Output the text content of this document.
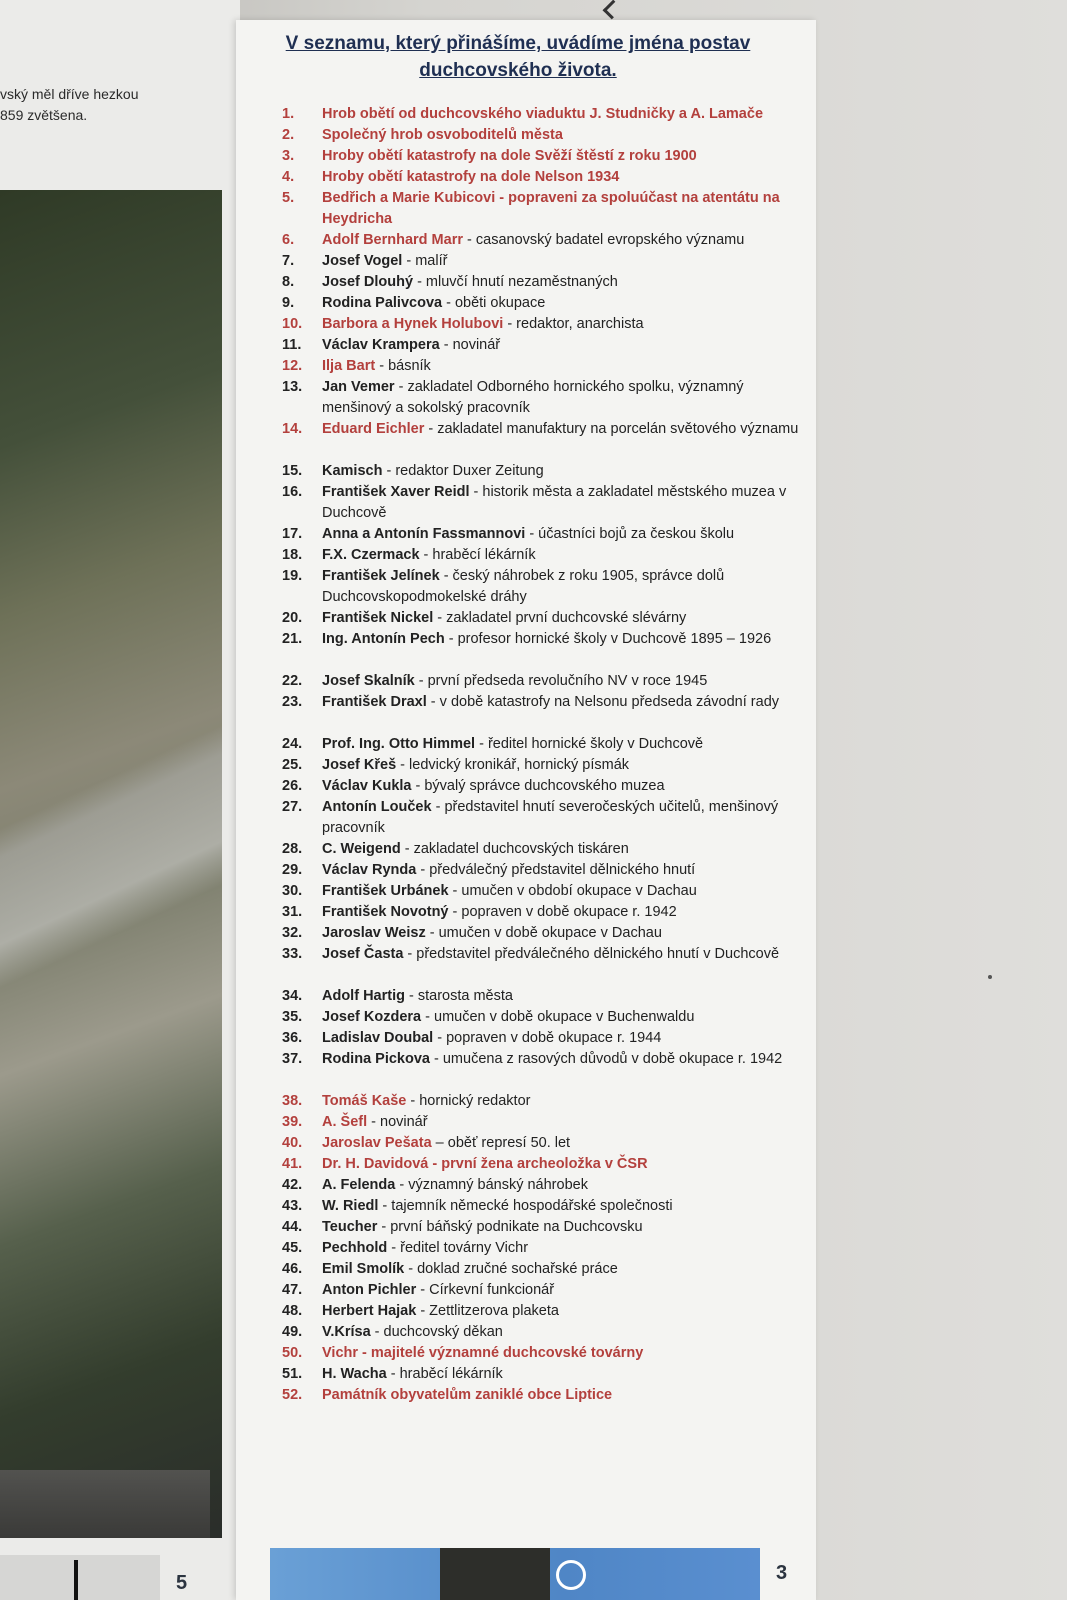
vský měl dříve hezkou
859 zvětšena.
5
V seznamu, který přinášíme, uvádíme jména postav
duchcovského života.
1. Hrob obětí od duchcovského viaduktu J. Studničky a A. Lamače
2. Společný hrob osvoboditelů města
3. Hroby obětí katastrofy na dole Svěží štěstí z roku 1900
4. Hroby obětí katastrofy na dole Nelson 1934
5. Bedřich a Marie Kubicovi - popraveni za spoluúčast na atentátu na Heydricha
6. Adolf Bernhard Marr - casanovský badatel evropského významu
7. Josef Vogel - malíř
8. Josef Dlouhý - mluvčí hnutí nezaměstnaných
9. Rodina Palivcova - oběti okupace
10. Barbora a Hynek Holubovi - redaktor, anarchista
11. Václav Krampera - novinář
12. Ilja Bart - básník
13. Jan Vemer - zakladatel Odborného hornického spolku, významný menšinový a sokolský pracovník
14. Eduard Eichler - zakladatel manufaktury na porcelán světového významu
15. Kamisch - redaktor Duxer Zeitung
16. František Xaver Reidl - historik města a zakladatel městského muzea v Duchcově
17. Anna a Antonín Fassmannovi - účastníci bojů za českou školu
18. F.X. Czermack - hraběcí lékárník
19. František Jelínek - český náhrobek z roku 1905, správce dolů Duchcovskopodmokelské dráhy
20. František Nickel - zakladatel první duchcovské slévárny
21. Ing. Antonín Pech - profesor hornické školy v Duchcově 1895 – 1926
22. Josef Skalník - první předseda revolučního NV v roce 1945
23. František Draxl - v době katastrofy na Nelsonu předseda závodní rady
24. Prof. Ing. Otto Himmel - ředitel hornické školy v Duchcově
25. Josef Křeš - ledvický kronikář, hornický písmák
26. Václav Kukla - bývalý správce duchcovského muzea
27. Antonín Louček - představitel hnutí severočeských učitelů, menšinový pracovník
28. C. Weigend - zakladatel duchcovských tiskáren
29. Václav Rynda - předválečný představitel dělnického hnutí
30. František Urbánek - umučen v období okupace v Dachau
31. František Novotný - popraven v době okupace r. 1942
32. Jaroslav Weisz - umučen v době okupace v Dachau
33. Josef Časta - představitel předválečného dělnického hnutí v Duchcově
34. Adolf Hartig - starosta města
35. Josef Kozdera - umučen v době okupace v Buchenwaldu
36. Ladislav Doubal - popraven v době okupace r. 1944
37. Rodina Pickova - umučena z rasových důvodů v době okupace r. 1942
38. Tomáš Kaše - hornický redaktor
39. A. Šefl - novinář
40. Jaroslav Pešata – oběť represí 50. let
41. Dr. H. Davidová - první žena archeoložka v ČSR
42. A. Felenda - významný bánský náhrobek
43. W. Riedl - tajemník německé hospodářské společnosti
44. Teucher - první báňský podnikate na Duchcovsku
45. Pechhold - ředitel továrny Vichr
46. Emil Smolík - doklad zručné sochařské práce
47. Anton Pichler - Církevní funkcionář
48. Herbert Hajak - Zettlitzerova plaketa
49. V.Krísa - duchcovský děkan
50. Vichr - majitelé významné duchcovské továrny
51. H. Wacha - hraběcí lékárník
52. Památník obyvatelům zaniklé obce Liptice
3
